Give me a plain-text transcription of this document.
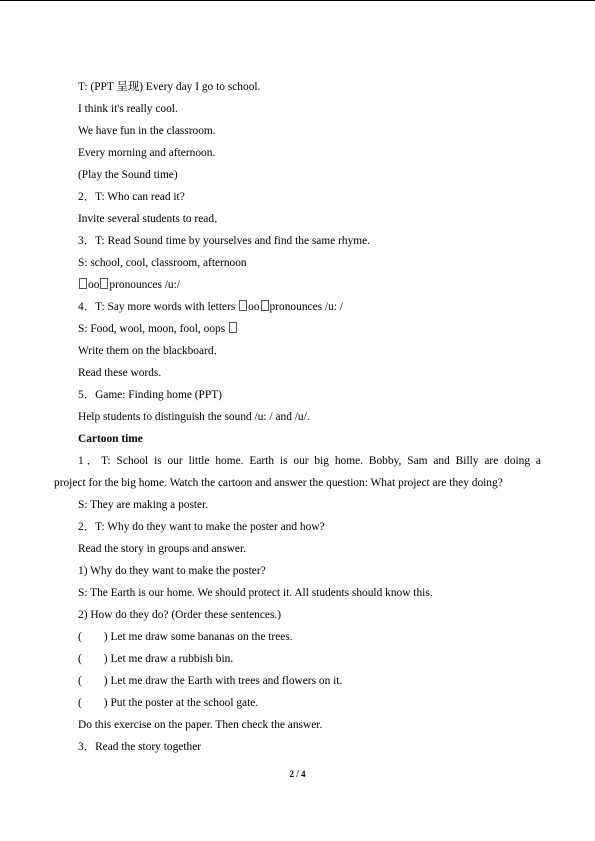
T: (PPT 呈现) Every day I go to school.
I think it's really cool.
We have fun in the classroom.
Every morning and afternoon.
(Play the Sound time)
2．T: Who can read it?
Invite several students to read．
3．T: Read Sound time by yourselves and find the same rhyme.
S: school, cool, classroom, afternoon
oo pronounces /u:/
4．T: Say more words with letters oo pronounces /u: /
S: Food, wool, moon, fool, oops
Write them on the blackboard．
Read these words.
5．Game: Finding home (PPT)
Help students to distinguish the sound /u: / and /u/.
Cartoon time
1．T: School is our little home. Earth is our big home. Bobby, Sam and Billy are doing a
project for the big home. Watch the cartoon and answer the question: What project are they doing?
S: They are making a poster.
2．T: Why do they want to make the poster and how?
Read the story in groups and answer.
1) Why do they want to make the poster?
S: The Earth is our home. We should protect it. All students should know this.
2) How do they do? (Order these sentences.)
( ) Let me draw some bananas on the trees.
( ) Let me draw a rubbish bin.
( ) Let me draw the Earth with trees and flowers on it.
( ) Put the poster at the school gate.
Do this exercise on the paper. Then check the answer.
3．Read the story together
2 / 4
